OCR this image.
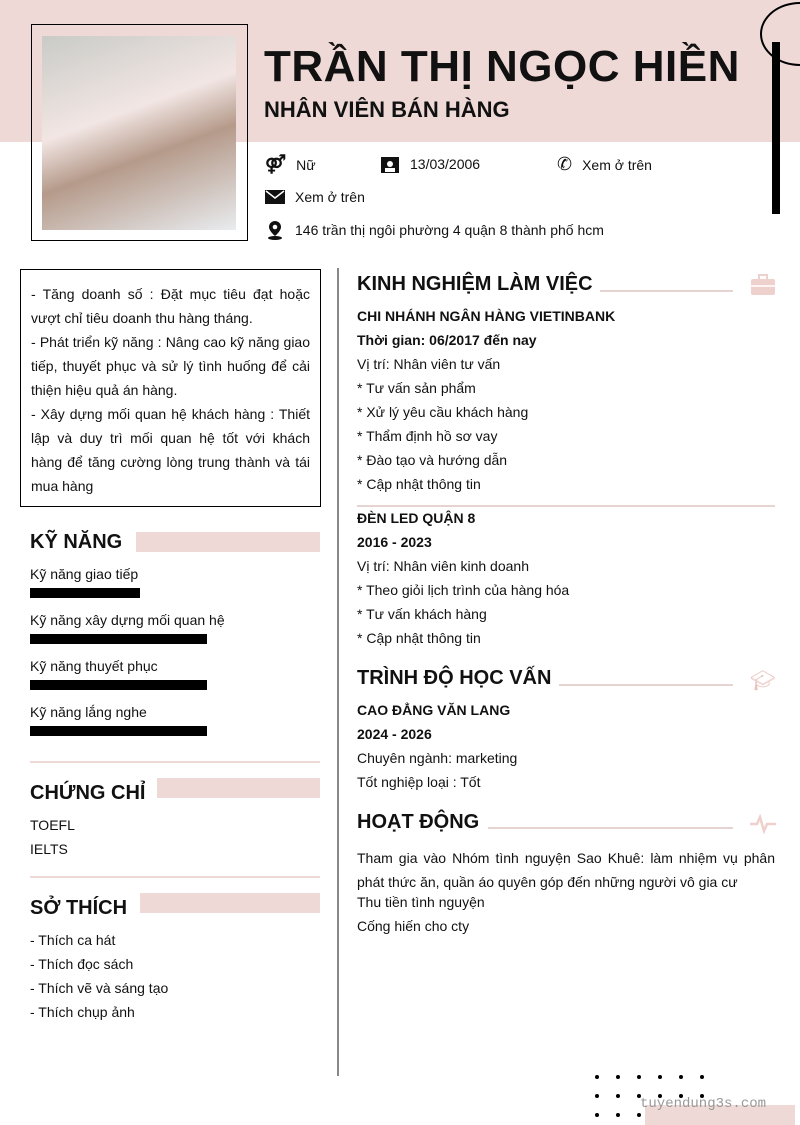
TRẦN THỊ NGỌC HIỀN
NHÂN VIÊN BÁN HÀNG
⚤ Nữ	13/03/2006	✆ Xem ở trên
Xem ở trên
146 trần thị ngôi phường 4 quận 8 thành phố hcm
- Tăng doanh số : Đặt mục tiêu đạt hoặc vượt chỉ tiêu doanh thu hàng tháng.
- Phát triển kỹ năng : Nâng cao kỹ năng giao tiếp, thuyết phục và sử lý tình huống để cải thiện hiệu quả án hàng.
- Xây dựng mối quan hệ khách hàng : Thiết lập và duy trì mối quan hệ tốt với khách hàng để tăng cường lòng trung thành và tái mua hàng
KỸ NĂNG
Kỹ năng giao tiếp
Kỹ năng xây dựng mối quan hệ
Kỹ năng thuyết phục
Kỹ năng lắng nghe
CHỨNG CHỈ
TOEFL
IELTS
SỞ THÍCH
- Thích ca hát
- Thích đọc sách
- Thích vẽ và sáng tạo
- Thích chụp ảnh
KINH NGHIỆM LÀM VIỆC
CHI NHÁNH NGÂN HÀNG VIETINBANK
Thời gian: 06/2017 đến nay
Vị trí: Nhân viên tư vấn
* Tư vấn sản phẩm
* Xử lý yêu cầu khách hàng
* Thẩm định hồ sơ vay
* Đào tạo và hướng dẫn
* Cập nhật thông tin
ĐÈN LED QUẬN 8
2016 - 2023
Vị trí: Nhân viên kinh doanh
* Theo giỏi lịch trình của hàng hóa
* Tư vấn khách hàng
* Cập nhật thông tin
TRÌNH ĐỘ HỌC VẤN	🎓︎
CAO ĐẲNG VĂN LANG
2024 - 2026
Chuyên ngành: marketing
Tốt nghiệp loại : Tốt
HOẠT ĐỘNG
Tham gia vào Nhóm tình nguyện Sao Khuê: làm nhiệm vụ phân phát thức ăn, quần áo quyên góp đến những người vô gia cư
Thu tiền tình nguyện
Cống hiến cho cty
tuyendung3s.com
